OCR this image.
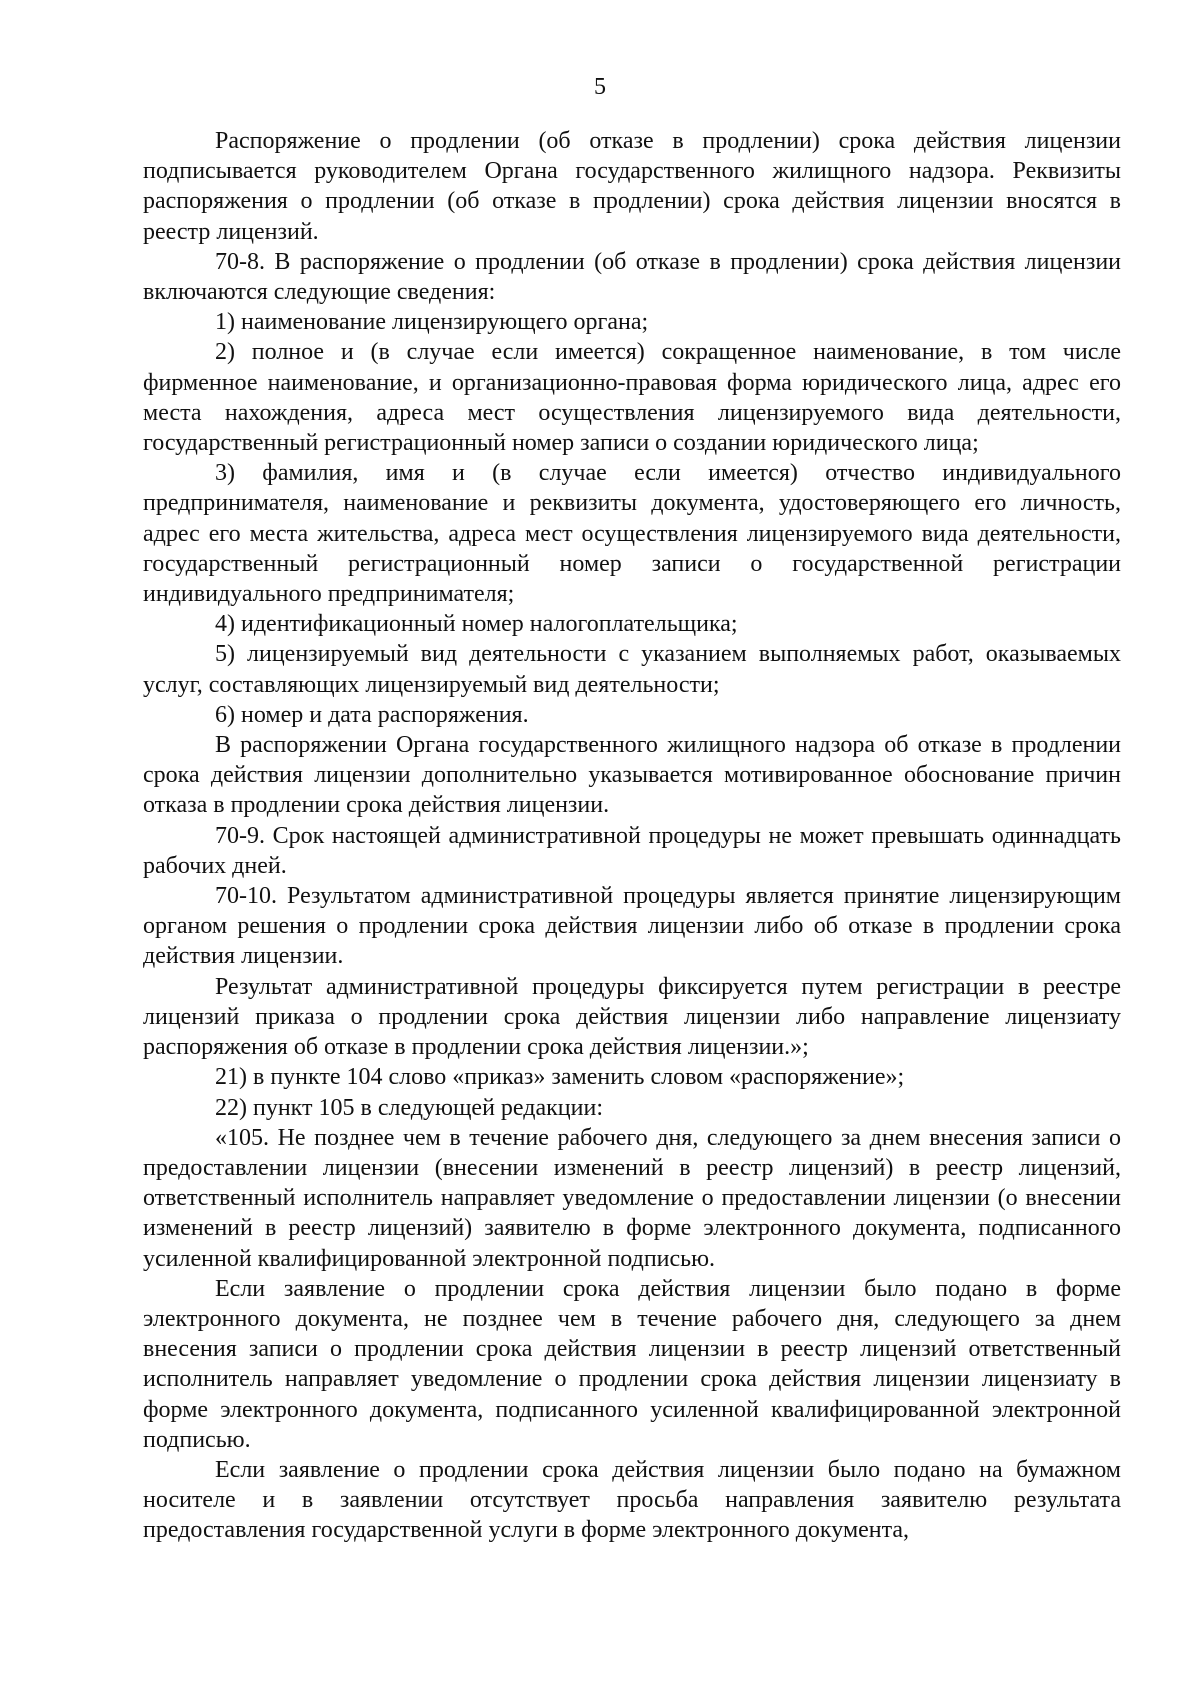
5

Распоряжение о продлении (об отказе в продлении) срока действия лицензии подписывается руководителем Органа государственного жилищного надзора. Реквизиты распоряжения о продлении (об отказе в продлении) срока действия лицензии вносятся в реестр лицензий.

70-8. В распоряжение о продлении (об отказе в продлении) срока действия лицензии включаются следующие сведения:

1) наименование лицензирующего органа;

2) полное и (в случае если имеется) сокращенное наименование, в том числе фирменное наименование, и организационно-правовая форма юридического лица, адрес его места нахождения, адреса мест осуществления лицензируемого вида деятельности, государственный регистрационный номер записи о создании юридического лица;

3) фамилия, имя и (в случае если имеется) отчество индивидуального предпринимателя, наименование и реквизиты документа, удостоверяющего его личность, адрес его места жительства, адреса мест осуществления лицензируемого вида деятельности, государственный регистрационный номер записи о государственной регистрации индивидуального предпринимателя;

4) идентификационный номер налогоплательщика;

5) лицензируемый вид деятельности с указанием выполняемых работ, оказываемых услуг, составляющих лицензируемый вид деятельности;

6) номер и дата распоряжения.

В распоряжении Органа государственного жилищного надзора об отказе в продлении срока действия лицензии дополнительно указывается мотивированное обоснование причин отказа в продлении срока действия лицензии.

70-9. Срок настоящей административной процедуры не может превышать одиннадцать рабочих дней.

70-10. Результатом административной процедуры является принятие лицензирующим органом решения о продлении срока действия лицензии либо об отказе в продлении срока действия лицензии.

Результат административной процедуры фиксируется путем регистрации в реестре лицензий приказа о продлении срока действия лицензии либо направление лицензиату распоряжения об отказе в продлении срока действия лицензии.»;

21) в пункте 104 слово «приказ» заменить словом «распоряжение»;

22) пункт 105 в следующей редакции:

«105. Не позднее чем в течение рабочего дня, следующего за днем внесения записи о предоставлении лицензии (внесении изменений в реестр лицензий) в реестр лицензий, ответственный исполнитель направляет уведомление о предоставлении лицензии (о внесении изменений в реестр лицензий) заявителю в форме электронного документа, подписанного усиленной квалифицированной электронной подписью.

Если заявление о продлении срока действия лицензии было подано в форме электронного документа, не позднее чем в течение рабочего дня, следующего за днем внесения записи о продлении срока действия лицензии в реестр лицензий ответственный исполнитель направляет уведомление о продлении срока действия лицензии лицензиату в форме электронного документа, подписанного усиленной квалифицированной электронной подписью.

Если заявление о продлении срока действия лицензии было подано на бумажном носителе и в заявлении отсутствует просьба направления заявителю результата предоставления государственной услуги в форме электронного документа,
